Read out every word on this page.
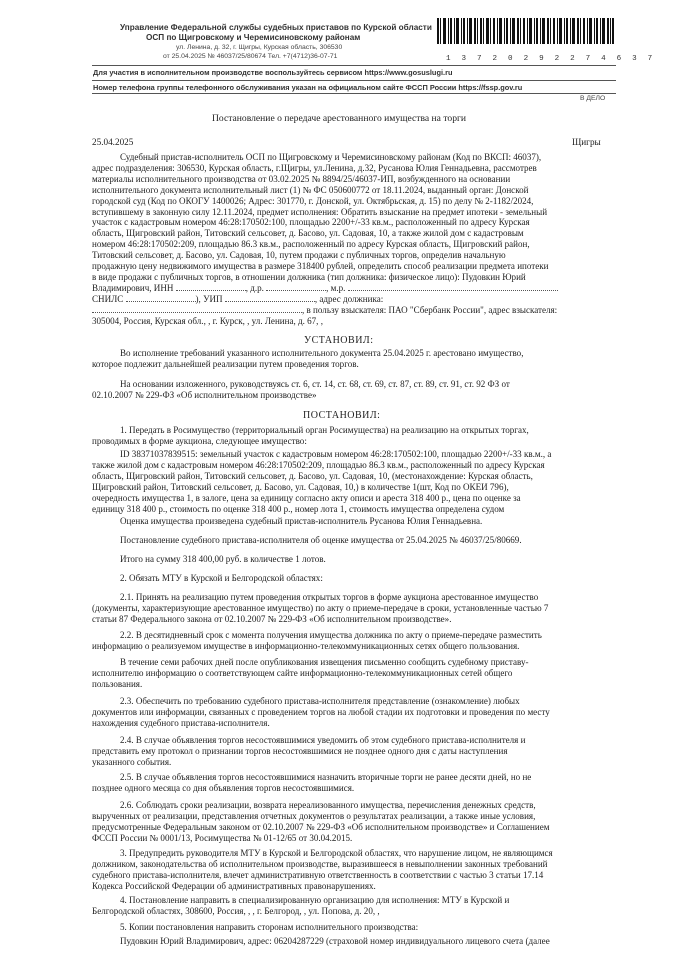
Управление Федеральной службы судебных приставов по Курской области
ОСП по Щигровскому и Черемисиновскому районам
ул. Ленина, д. 32, г. Щигры, Курская область, 306530
от 25.04.2025 № 46037/25/80674 Тел. +7(4712)36-07-71	1 3 7 2 0 2 9 2 2 7 4 6 3 7
Для участия в исполнительном производстве воспользуйтесь сервисом https://www.gosuslugi.ru
Номер телефона группы телефонного обслуживания указан на официальном сайте ФССП России https://fssp.gov.ru
В ДЕЛО
Постановление о передаче арестованного имущества на торги
25.04.2025	Щигры
Судебный пристав-исполнитель ОСП по Щигровскому и Черемисиновскому районам (Код по ВКСП: 46037),
адрес подразделения: 306530, Курская область, г.Щигры, ул.Ленина, д.32, Русанова Юлия Геннадьевна, рассмотрев
материалы исполнительного производства от 03.02.2025 № 8894/25/46037-ИП, возбужденного на основании
исполнительного документа исполнительный лист (1) № ФС 050600772 от 18.11.2024, выданный орган: Донской
городской суд (Код по ОКОГУ 1400026; Адрес: 301770, г. Донской, ул. Октябрьская, д. 15) по делу № 2-1182/2024,
вступившему в законную силу 12.11.2024, предмет исполнения: Обратить взыскание на предмет ипотеки - земельный
участок с кадастровым номером 46:28:170502:100, площадью 2200+/-33 кв.м., расположенный по адресу Курская
область, Щигровский район, Титовский сельсовет, д. Басово, ул. Садовая, 10, а также жилой дом с кадастровым
номером 46:28:170502:209, площадью 86.3 кв.м., расположенный по адресу Курская область, Щигровский район,
Титовский сельсовет, д. Басово, ул. Садовая, 10, путем продажи с публичных торгов, определив начальную
продажную цену недвижимого имущества в размере 318400 рублей, определить способ реализации предмета ипотеки
в виде продажи с публичных торгов, в отношении должника (тип должника: физическое лицо): Пудовкин Юрий
Владимирович, ИНН	, д.р.	, м.р.
СНИЛС	), УИП	, адрес должника:
, в пользу взыскателя: ПАО "Сбербанк России", адрес взыскателя:
305004, Россия, Курская обл., , г. Курск, , ул. Ленина, д. 67, ,
УСТАНОВИЛ:
Во исполнение требований указанного исполнительного документа 25.04.2025 г. арестовано имущество,
которое подлежит дальнейшей реализации путем проведения торгов.
На основании изложенного, руководствуясь ст. 6, ст. 14, ст. 68, ст. 69, ст. 87, ст. 89, ст. 91, ст. 92 ФЗ от
02.10.2007 № 229-ФЗ «Об исполнительном производстве»
ПОСТАНОВИЛ:
1. Передать в Росимущество (территориальный орган Росимущества) на реализацию на открытых торгах,
проводимых в форме аукциона, следующее имущество:
ID 38371037839515: земельный участок с кадастровым номером 46:28:170502:100, площадью 2200+/-33 кв.м., а
также жилой дом с кадастровым номером 46:28:170502:209, площадью 86.3 кв.м., расположенный по адресу Курская
область, Щигровский район, Титовский сельсовет, д. Басово, ул. Садовая, 10, (местонахождение: Курская область,
Щигровский район, Титовский сельсовет, д. Басово, ул. Садовая, 10,) в количестве 1(шт, Код по ОКЕИ 796),
очередность имущества 1, в залоге, цена за единицу согласно акту описи и ареста 318 400 р., цена по оценке за
единицу 318 400 р., стоимость по оценке 318 400 р., номер лота 1, стоимость имущества определена судом
Оценка имущества произведена судебный пристав-исполнитель Русанова Юлия Геннадьевна.
Постановление судебного пристава-исполнителя об оценке имущества от 25.04.2025 № 46037/25/80669.
Итого на сумму 318 400,00 руб. в количестве 1 лотов.
2. Обязать МТУ в Курской и Белгородской областях:
2.1. Принять на реализацию путем проведения открытых торгов в форме аукциона арестованное имущество
(документы, характеризующие арестованное имущество) по акту о приеме-передаче в сроки, установленные частью 7
статьи 87 Федерального закона от 02.10.2007 № 229-ФЗ «Об исполнительном производстве».
2.2. В десятидневный срок с момента получения имущества должника по акту о приеме-передаче разместить
информацию о реализуемом имуществе в информационно-телекоммуникационных сетях общего пользования.
В течение семи рабочих дней после опубликования извещения письменно сообщить судебному приставу-
исполнителю информацию о соответствующем сайте информационно-телекоммуникационных сетей общего
пользования.
2.3. Обеспечить по требованию судебного пристава-исполнителя представление (ознакомление) любых
документов или информации, связанных с проведением торгов на любой стадии их подготовки и проведения по месту
нахождения судебного пристава-исполнителя.
2.4. В случае объявления торгов несостоявшимися уведомить об этом судебного пристава-исполнителя и
представить ему протокол о признании торгов несостоявшимися не позднее одного дня с даты наступления
указанного события.
2.5. В случае объявления торгов несостоявшимися назначить вторичные торги не ранее десяти дней, но не
позднее одного месяца со дня объявления торгов несостоявшимися.
2.6. Соблюдать сроки реализации, возврата нереализованного имущества, перечисления денежных средств,
вырученных от реализации, представления отчетных документов о результатах реализации, а также иные условия,
предусмотренные Федеральным законом от 02.10.2007 № 229-ФЗ «Об исполнительном производстве» и Соглашением
ФССП России № 0001/13, Росимущества № 01-12/65 от 30.04.2015.
3. Предупредить руководителя МТУ в Курской и Белгородской областях, что нарушение лицом, не являющимся
должником, законодательства об исполнительном производстве, выразившееся в невыполнении законных требований
судебного пристава-исполнителя, влечет административную ответственность в соответствии с частью 3 статьи 17.14
Кодекса Российской Федерации об административных правонарушениях.
4. Постановление направить в специализированную организацию для исполнения: МТУ в Курской и
Белгородской областях, 308600, Россия, , , г. Белгород, , ул. Попова, д. 20, ,
5. Копии постановления направить сторонам исполнительного производства:
Пудовкин Юрий Владимирович, адрес: 06204287229 (страховой номер индивидуального лицевого счета (далее
